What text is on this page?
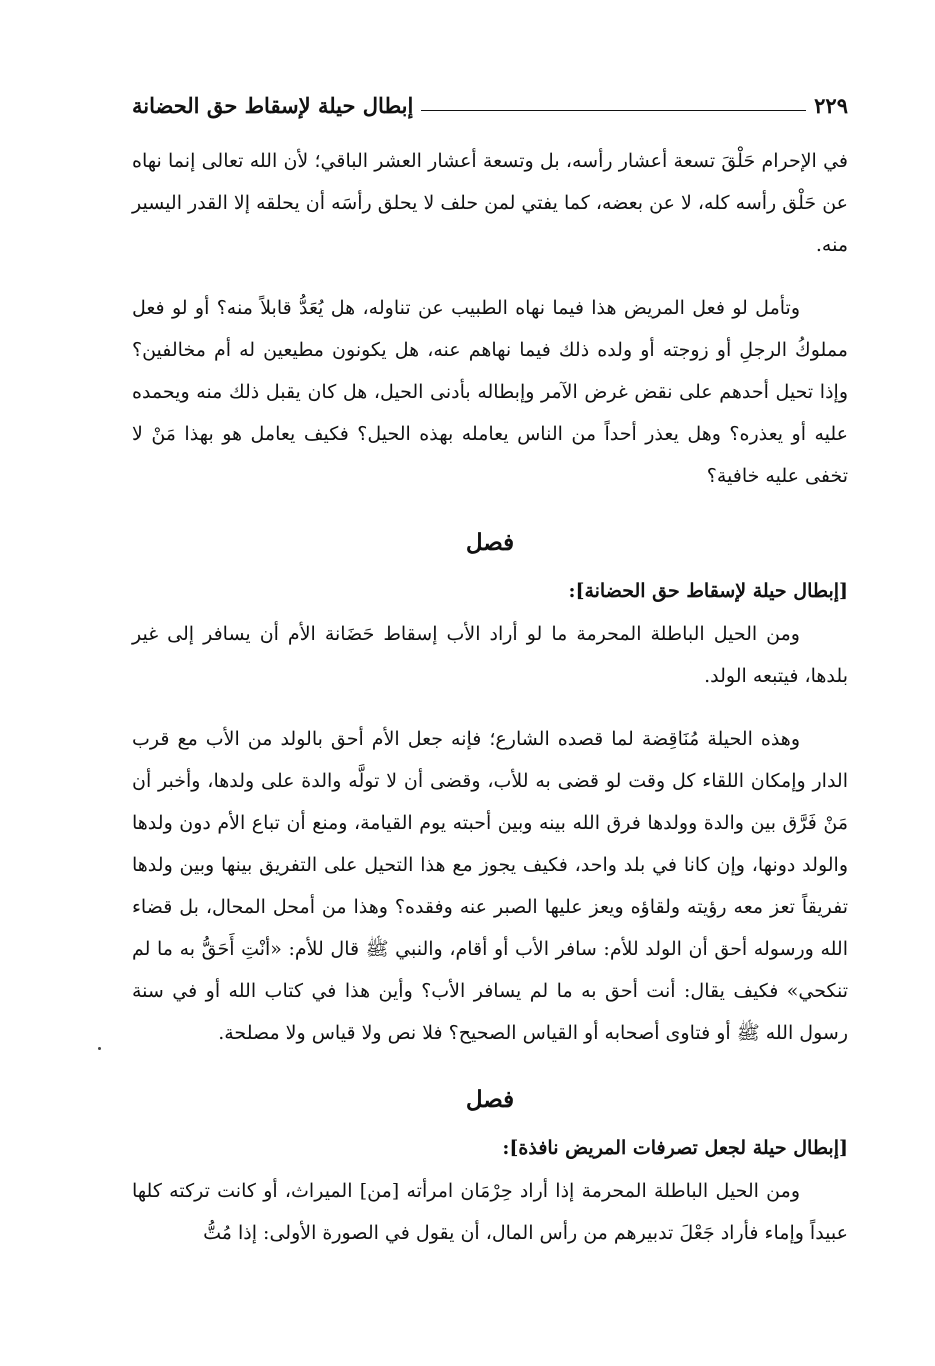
إبطال حيلة لإسقاط حق الحضانة	٢٢٩

في الإحرام حَلْقَ تسعة أعشار رأسه، بل وتسعة أعشار العشر الباقي؛ لأن الله تعالى إنما نهاه عن حَلْق رأسه كله، لا عن بعضه، كما يفتي لمن حلف لا يحلق رأسَه أن يحلقه إلا القدر اليسير منه.

وتأمل لو فعل المريض هذا فيما نهاه الطبيب عن تناوله، هل يُعَدُّ قابلاً منه؟ أو لو فعل مملوكُ الرجلِ أو زوجته أو ولده ذلك فيما نهاهم عنه، هل يكونون مطيعين له أم مخالفين؟ وإذا تحيل أحدهم على نقض غرض الآمر وإبطاله بأدنى الحيل، هل كان يقبل ذلك منه ويحمده عليه أو يعذره؟ وهل يعذر أحداً من الناس يعامله بهذه الحيل؟ فكيف يعامل هو بهذا مَنْ لا تخفى عليه خافية؟

فصل
[إبطال حيلة لإسقاط حق الحضانة]:

ومن الحيل الباطلة المحرمة ما لو أراد الأب إسقاط حَضَانة الأم أن يسافر إلى غير بلدها، فيتبعه الولد.

وهذه الحيلة مُنَاقِضة لما قصده الشارع؛ فإنه جعل الأم أحق بالولد من الأب مع قرب الدار وإمكان اللقاء كل وقت لو قضى به للأب، وقضى أن لا تولَّه والدة على ولدها، وأخبر أن مَنْ فَرَّق بين والدة وولدها فرق الله بينه وبين أحبته يوم القيامة، ومنع أن تباع الأم دون ولدها والولد دونها، وإن كانا في بلد واحد، فكيف يجوز مع هذا التحيل على التفريق بينها وبين ولدها تفريقاً تعز معه رؤيته ولقاؤه ويعز عليها الصبر عنه وفقده؟ وهذا من أمحل المحال، بل قضاء الله ورسوله أحق أن الولد للأم: سافر الأب أو أقام، والنبي ﷺ قال للأم: «أنْتِ أَحَقُّ به ما لم تنكحي» فكيف يقال: أنت أحق به ما لم يسافر الأب؟ وأين هذا في كتاب الله أو في سنة رسول الله ﷺ أو فتاوى أصحابه أو القياس الصحيح؟ فلا نص ولا قياس ولا مصلحة.

فصل
[إبطال حيلة لجعل تصرفات المريض نافذة]:

ومن الحيل الباطلة المحرمة إذا أراد حِرْمَان امرأته [من] الميراث، أو كانت تركته كلها عبيداً وإماء فأراد جَعْلَ تدبيرهم من رأس المال، أن يقول في الصورة الأولى: إذا مُتُّ
